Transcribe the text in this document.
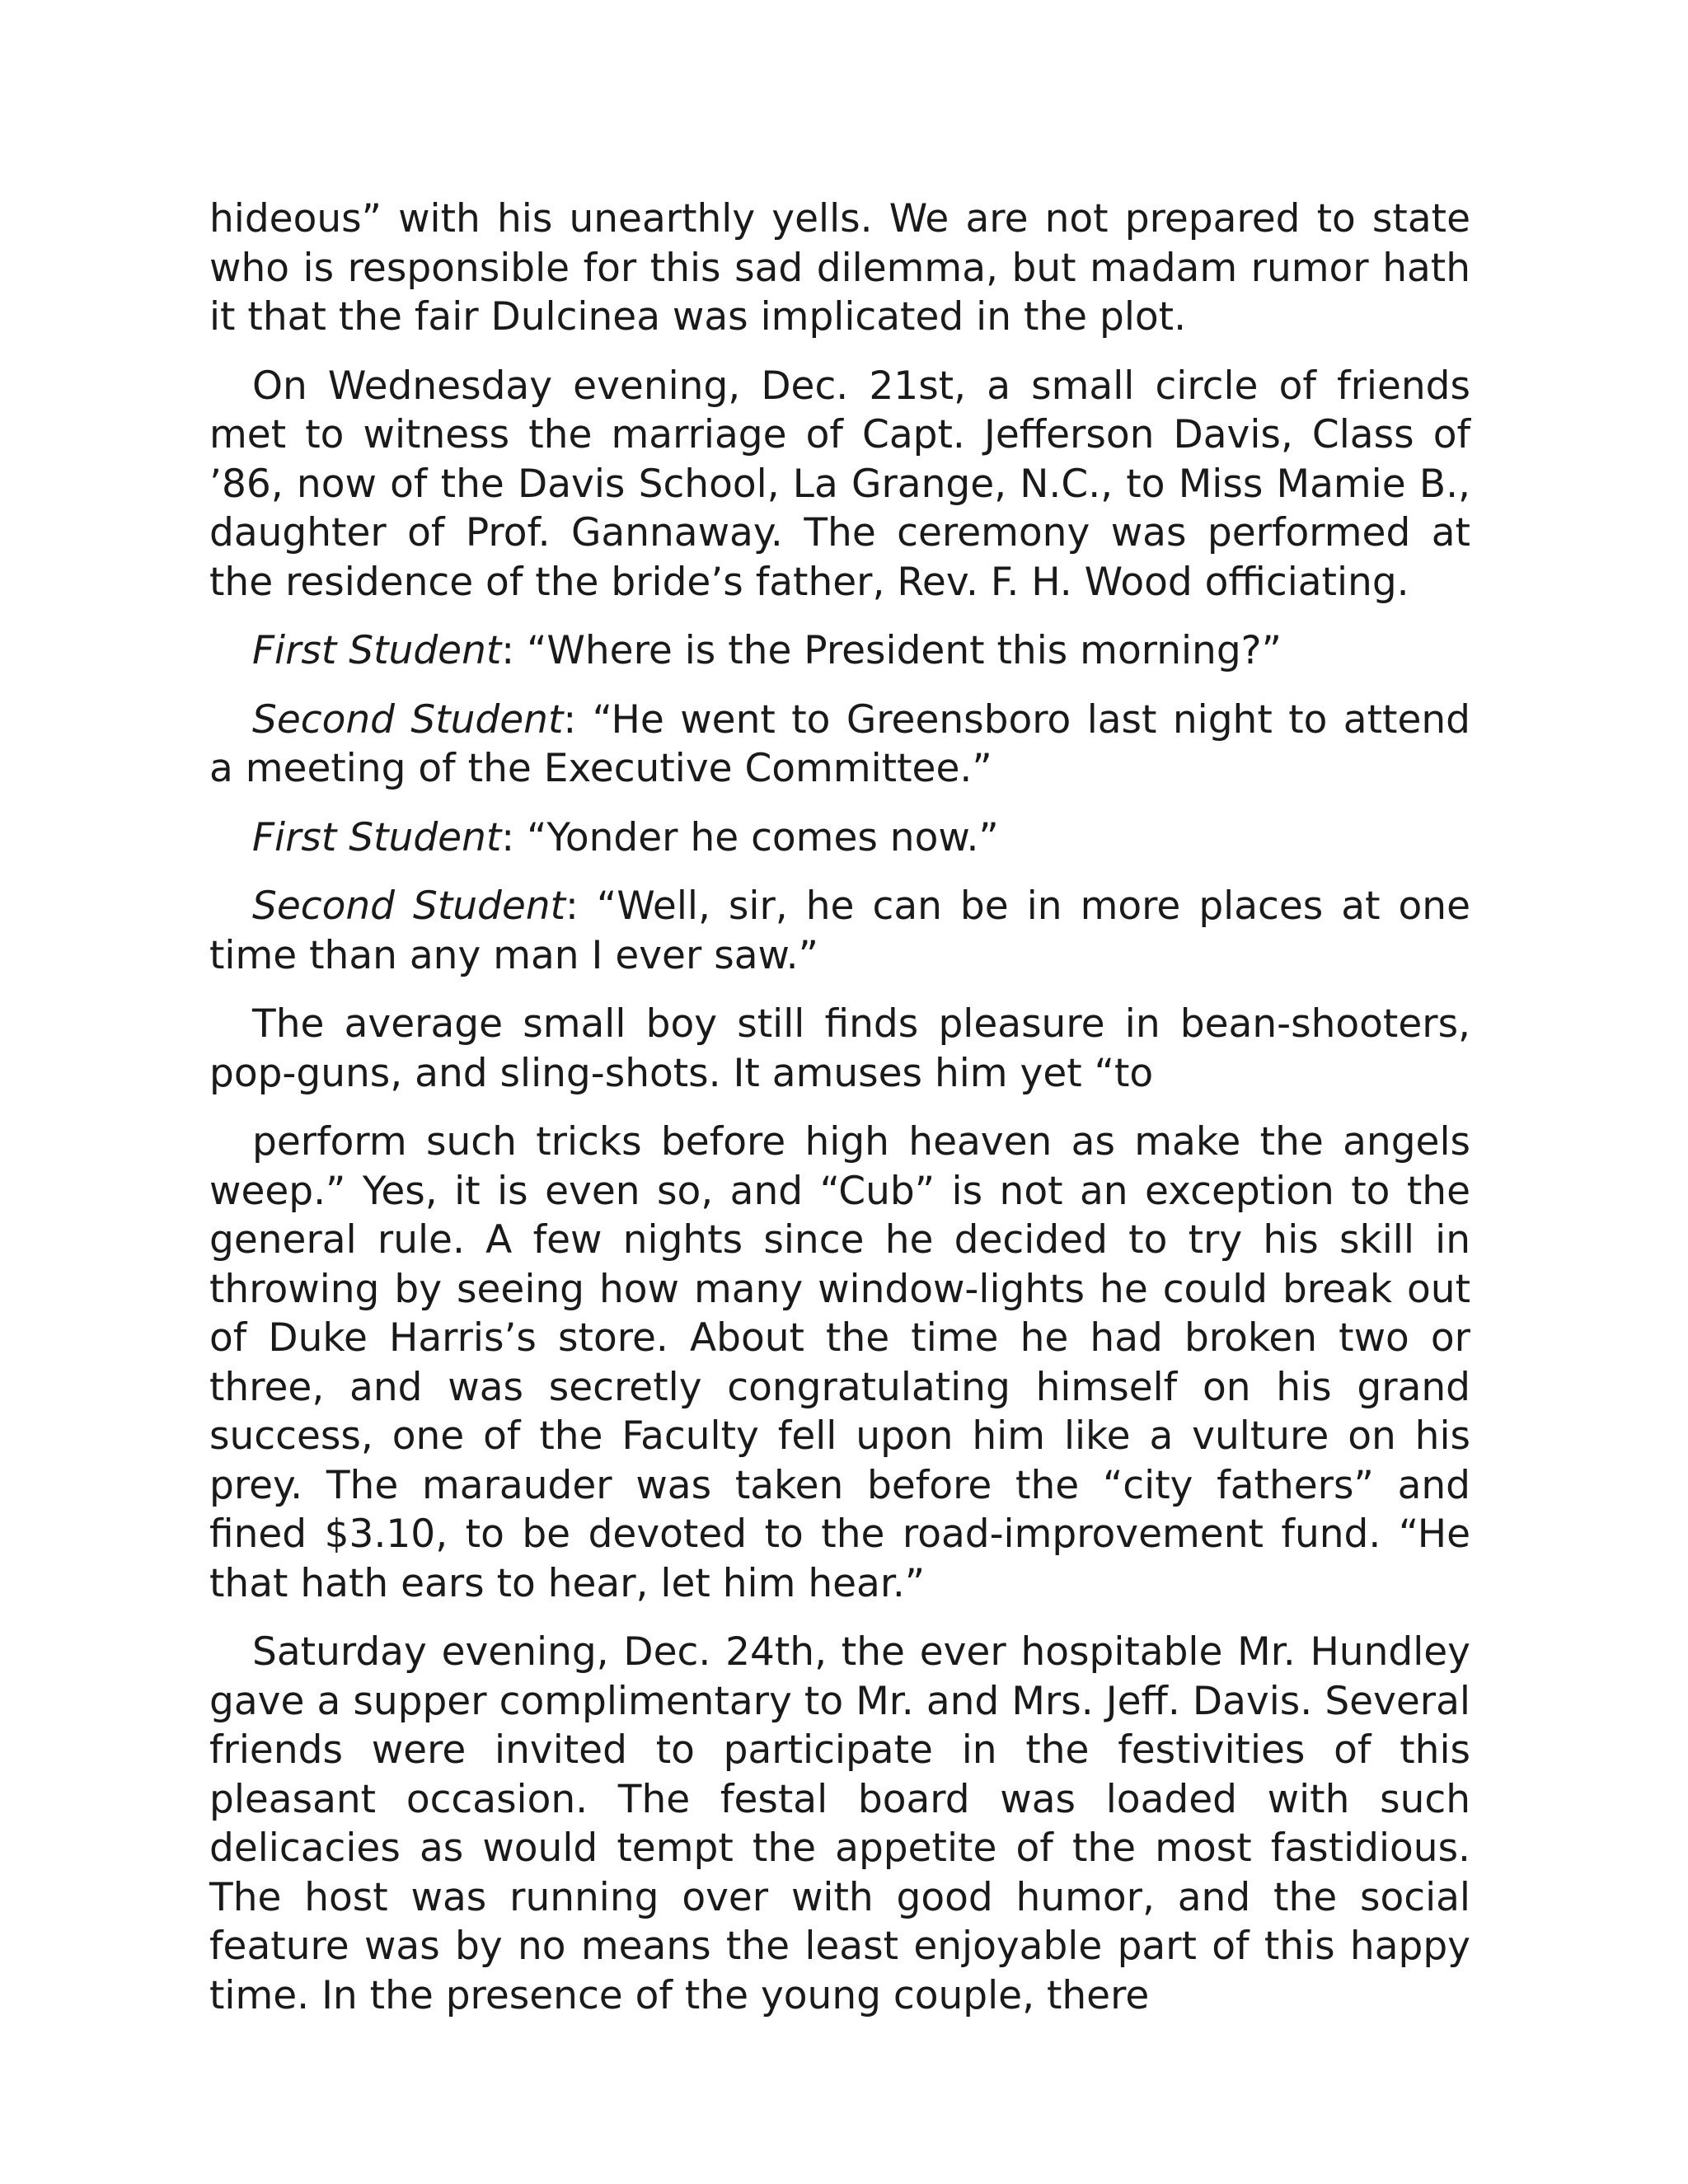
hideous” with his unearthly yells. We are not prepared to state who is responsible for this sad dilemma, but madam rumor hath it that the fair Dulcinea was implicated in the plot.

On Wednesday evening, Dec. 21st, a small circle of friends met to witness the marriage of Capt. Jefferson Davis, Class of ’86, now of the Davis School, La Grange, N.C., to Miss Mamie B., daughter of Prof. Gannaway. The ceremony was performed at the residence of the bride’s father, Rev. F. H. Wood officiating.

First Student: “Where is the President this morning?”

Second Student: “He went to Greensboro last night to attend a meeting of the Executive Committee.”

First Student: “Yonder he comes now.”

Second Student: “Well, sir, he can be in more places at one time than any man I ever saw.”

The average small boy still finds pleasure in bean-shooters, pop-guns, and sling-shots. It amuses him yet “to

perform such tricks before high heaven as make the angels weep.” Yes, it is even so, and “Cub” is not an exception to the general rule. A few nights since he decided to try his skill in throwing by seeing how many window-lights he could break out of Duke Harris’s store. About the time he had broken two or three, and was secretly congratulating himself on his grand success, one of the Faculty fell upon him like a vulture on his prey. The marauder was taken before the “city fathers” and fined $3.10, to be devoted to the road-improvement fund. “He that hath ears to hear, let him hear.”

Saturday evening, Dec. 24th, the ever hospitable Mr. Hundley gave a supper complimentary to Mr. and Mrs. Jeff. Davis. Several friends were invited to participate in the festivities of this pleasant occasion. The festal board was loaded with such delicacies as would tempt the appetite of the most fastidious. The host was running over with good humor, and the social feature was by no means the least enjoyable part of this happy time. In the presence of the young couple, there
